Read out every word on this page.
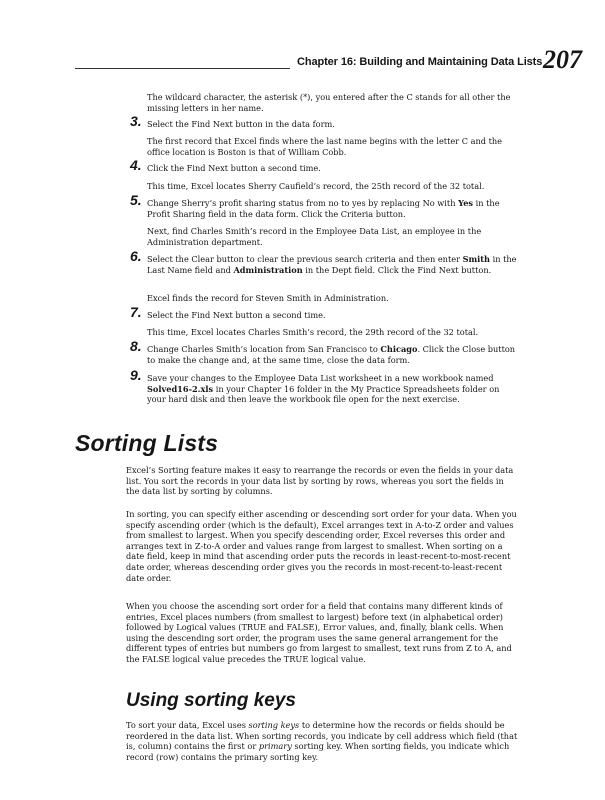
Chapter 16: Building and Maintaining Data Lists 207

The wildcard character, the asterisk (*), you entered after the C stands for all other the missing letters in her name.

3. Select the Find Next button in the data form.

The first record that Excel finds where the last name begins with the letter C and the office location is Boston is that of William Cobb.

4. Click the Find Next button a second time.

This time, Excel locates Sherry Caufield’s record, the 25th record of the 32 total.

5. Change Sherry’s profit sharing status from no to yes by replacing No with Yes in the Profit Sharing field in the data form. Click the Criteria button.

Next, find Charles Smith’s record in the Employee Data List, an employee in the Administration department.

6. Select the Clear button to clear the previous search criteria and then enter Smith in the Last Name field and Administration in the Dept field. Click the Find Next button.

Excel finds the record for Steven Smith in Administration.

7. Select the Find Next button a second time.

This time, Excel locates Charles Smith’s record, the 29th record of the 32 total.

8. Change Charles Smith’s location from San Francisco to Chicago. Click the Close button to make the change and, at the same time, close the data form.
9. Save your changes to the Employee Data List worksheet in a new workbook named Solved16-2.xls in your Chapter 16 folder in the My Practice Spreadsheets folder on your hard disk and then leave the workbook file open for the next exercise.
Sorting Lists

Excel’s Sorting feature makes it easy to rearrange the records or even the fields in your data list. You sort the records in your data list by sorting by rows, whereas you sort the fields in the data list by sorting by columns.

In sorting, you can specify either ascending or descending sort order for your data. When you specify ascending order (which is the default), Excel arranges text in A-to-Z order and values from smallest to largest. When you specify descending order, Excel reverses this order and arranges text in Z-to-A order and values range from largest to smallest. When sorting on a date field, keep in mind that ascending order puts the records in least-recent-to-most-recent date order, whereas descending order gives you the records in most-recent-to-least-recent date order.

When you choose the ascending sort order for a field that contains many different kinds of entries, Excel places numbers (from smallest to largest) before text (in alphabetical order) followed by Logical values (TRUE and FALSE), Error values, and, finally, blank cells. When using the descending sort order, the program uses the same general arrangement for the different types of entries but numbers go from largest to smallest, text runs from Z to A, and the FALSE logical value precedes the TRUE logical value.

Using sorting keys

To sort your data, Excel uses sorting keys to determine how the records or fields should be reordered in the data list. When sorting records, you indicate by cell address which field (that is, column) contains the first or primary sorting key. When sorting fields, you indicate which record (row) contains the primary sorting key.
